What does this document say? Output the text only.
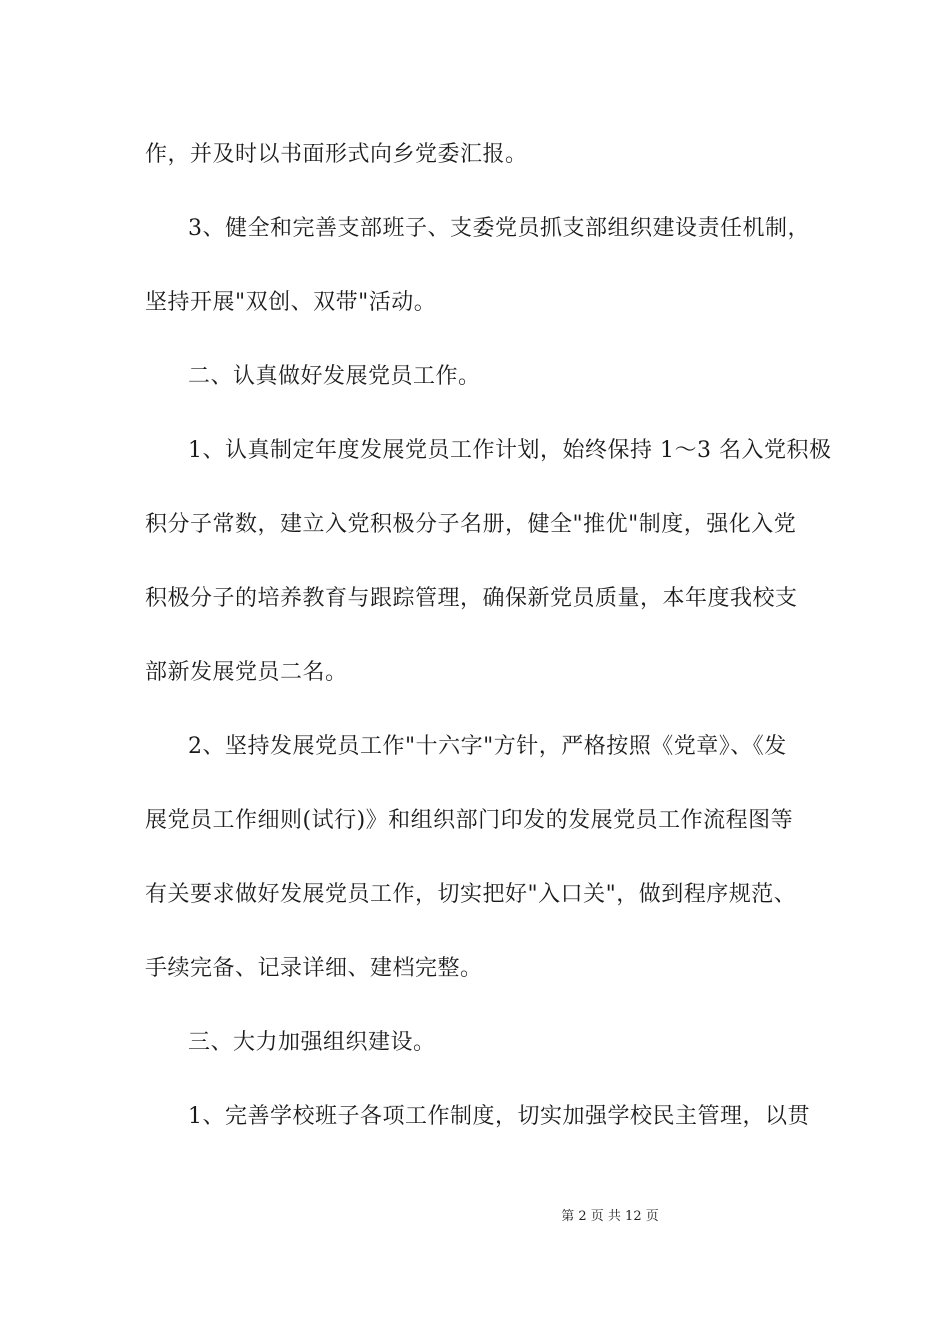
作，并及时以书面形式向乡党委汇报。
3、健全和完善支部班子、支委党员抓支部组织建设责任机制，
坚持开展"双创、双带"活动。
二、认真做好发展党员工作。
1、认真制定年度发展党员工作计划，始终保持 1～3 名入党积极
积分子常数，建立入党积极分子名册，健全"推优"制度，强化入党
积极分子的培养教育与跟踪管理，确保新党员质量，本年度我校支
部新发展党员二名。
2、坚持发展党员工作"十六字"方针，严格按照《党章》、《发
展党员工作细则(试行)》和组织部门印发的发展党员工作流程图等
有关要求做好发展党员工作，切实把好"入口关"，做到程序规范、
手续完备、记录详细、建档完整。
三、大力加强组织建设。
1、完善学校班子各项工作制度，切实加强学校民主管理，以贯
第 2 页 共 12 页
